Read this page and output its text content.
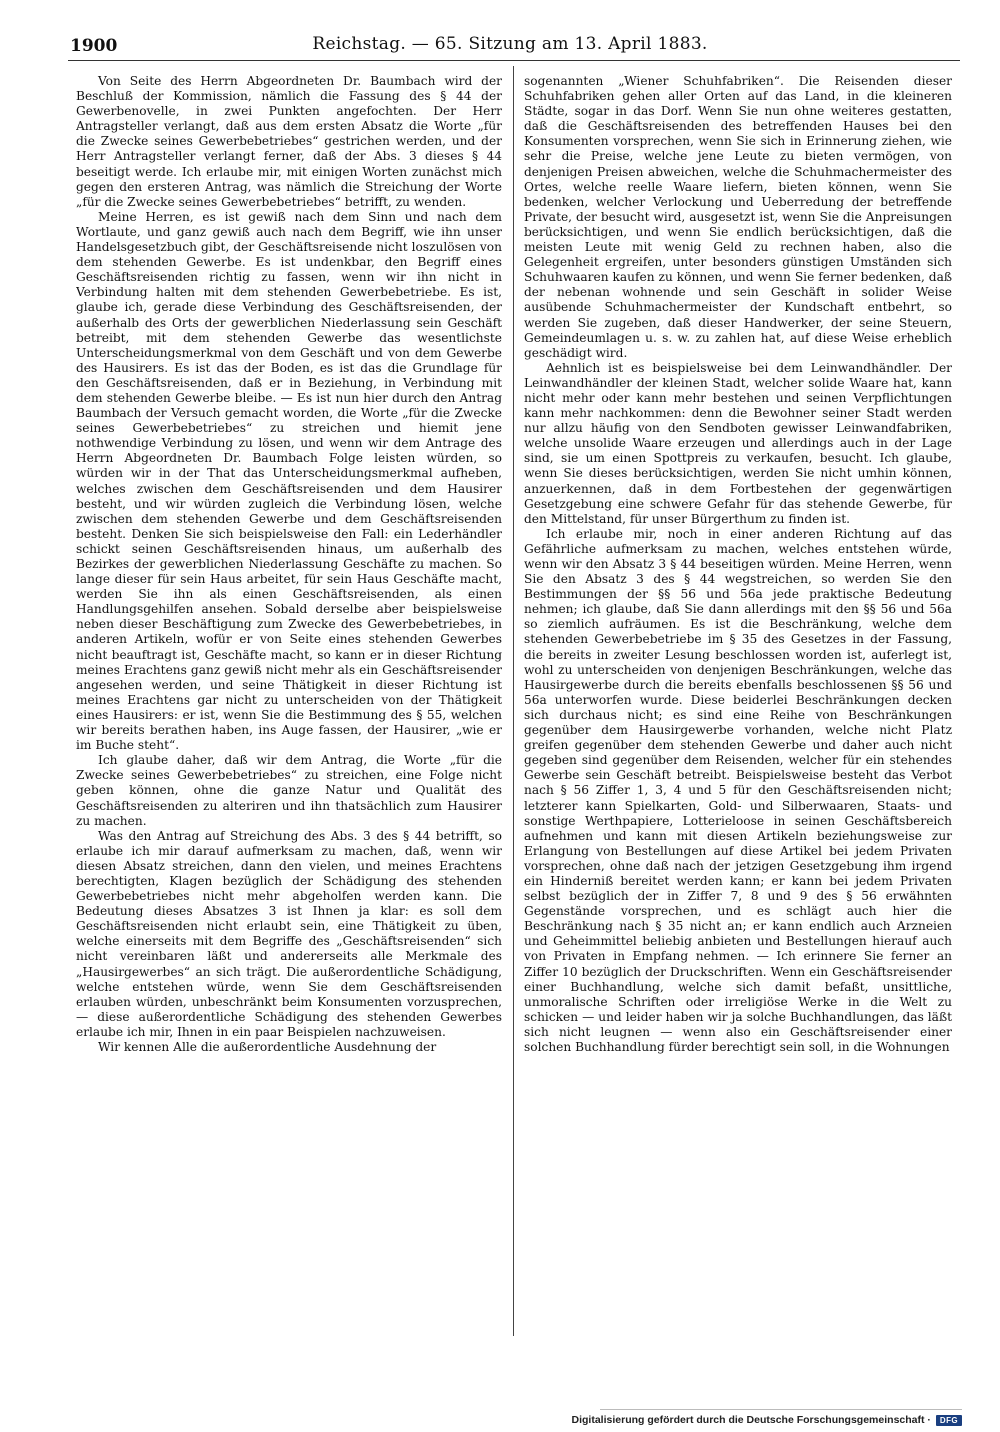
1900	Reichstag. — 65. Sitzung am 13. April 1883.

Von Seite des Herrn Abgeordneten Dr. Baumbach wird der Beschluß der Kommission, nämlich die Fassung des § 44 der Gewerbenovelle, in zwei Punkten angefochten. Der Herr Antragsteller verlangt, daß aus dem ersten Absatz die Worte „für die Zwecke seines Gewerbebetriebes“ gestrichen werden, und der Herr Antragsteller verlangt ferner, daß der Abs. 3 dieses § 44 beseitigt werde. Ich erlaube mir, mit einigen Worten zunächst mich gegen den ersteren Antrag, was nämlich die Streichung der Worte „für die Zwecke seines Gewerbebetriebes“ betrifft, zu wenden.

Meine Herren, es ist gewiß nach dem Sinn und nach dem Wortlaute, und ganz gewiß auch nach dem Begriff, wie ihn unser Handelsgesetzbuch gibt, der Geschäftsreisende nicht loszulösen von dem stehenden Gewerbe. Es ist undenkbar, den Begriff eines Geschäftsreisenden richtig zu fassen, wenn wir ihn nicht in Verbindung halten mit dem stehenden Gewerbebetriebe. Es ist, glaube ich, gerade diese Verbindung des Geschäftsreisenden, der außerhalb des Orts der gewerblichen Niederlassung sein Geschäft betreibt, mit dem stehenden Gewerbe das wesentlichste Unterscheidungsmerkmal von dem Geschäft und von dem Gewerbe des Hausirers. Es ist das der Boden, es ist das die Grundlage für den Geschäftsreisenden, daß er in Beziehung, in Verbindung mit dem stehenden Gewerbe bleibe. — Es ist nun hier durch den Antrag Baumbach der Versuch gemacht worden, die Worte „für die Zwecke seines Gewerbebetriebes“ zu streichen und hiemit jene nothwendige Verbindung zu lösen, und wenn wir dem Antrage des Herrn Abgeordneten Dr. Baumbach Folge leisten würden, so würden wir in der That das Unterscheidungsmerkmal aufheben, welches zwischen dem Geschäftsreisenden und dem Hausirer besteht, und wir würden zugleich die Verbindung lösen, welche zwischen dem stehenden Gewerbe und dem Geschäftsreisenden besteht. Denken Sie sich beispielsweise den Fall: ein Lederhändler schickt seinen Geschäftsreisenden hinaus, um außerhalb des Bezirkes der gewerblichen Niederlassung Geschäfte zu machen. So lange dieser für sein Haus arbeitet, für sein Haus Geschäfte macht, werden Sie ihn als einen Geschäftsreisenden, als einen Handlungsgehilfen ansehen. Sobald derselbe aber beispielsweise neben dieser Beschäftigung zum Zwecke des Gewerbebetriebes, in anderen Artikeln, wofür er von Seite eines stehenden Gewerbes nicht beauftragt ist, Geschäfte macht, so kann er in dieser Richtung meines Erachtens ganz gewiß nicht mehr als ein Geschäftsreisender angesehen werden, und seine Thätigkeit in dieser Richtung ist meines Erachtens gar nicht zu unterscheiden von der Thätigkeit eines Hausirers: er ist, wenn Sie die Bestimmung des § 55, welchen wir bereits berathen haben, ins Auge fassen, der Hausirer, „wie er im Buche steht“.

Ich glaube daher, daß wir dem Antrag, die Worte „für die Zwecke seines Gewerbebetriebes“ zu streichen, eine Folge nicht geben können, ohne die ganze Natur und Qualität des Geschäftsreisenden zu alteriren und ihn thatsächlich zum Hausirer zu machen.

Was den Antrag auf Streichung des Abs. 3 des § 44 betrifft, so erlaube ich mir darauf aufmerksam zu machen, daß, wenn wir diesen Absatz streichen, dann den vielen, und meines Erachtens berechtigten, Klagen bezüglich der Schädigung des stehenden Gewerbebetriebes nicht mehr abgeholfen werden kann. Die Bedeutung dieses Absatzes 3 ist Ihnen ja klar: es soll dem Geschäftsreisenden nicht erlaubt sein, eine Thätigkeit zu üben, welche einerseits mit dem Begriffe des „Geschäftsreisenden“ sich nicht vereinbaren läßt und andererseits alle Merkmale des „Hausirgewerbes“ an sich trägt. Die außerordentliche Schädigung, welche entstehen würde, wenn Sie dem Geschäftsreisenden erlauben würden, unbeschränkt beim Konsumenten vorzusprechen, — diese außerordentliche Schädigung des stehenden Gewerbes erlaube ich mir, Ihnen in ein paar Beispielen nachzuweisen.

Wir kennen Alle die außerordentliche Ausdehnung der

sogenannten „Wiener Schuhfabriken“. Die Reisenden dieser Schuhfabriken gehen aller Orten auf das Land, in die kleineren Städte, sogar in das Dorf. Wenn Sie nun ohne weiteres gestatten, daß die Geschäftsreisenden des betreffenden Hauses bei den Konsumenten vorsprechen, wenn Sie sich in Erinnerung ziehen, wie sehr die Preise, welche jene Leute zu bieten vermögen, von denjenigen Preisen abweichen, welche die Schuhmachermeister des Ortes, welche reelle Waare liefern, bieten können, wenn Sie bedenken, welcher Verlockung und Ueberredung der betreffende Private, der besucht wird, ausgesetzt ist, wenn Sie die Anpreisungen berücksichtigen, und wenn Sie endlich berücksichtigen, daß die meisten Leute mit wenig Geld zu rechnen haben, also die Gelegenheit ergreifen, unter besonders günstigen Umständen sich Schuhwaaren kaufen zu können, und wenn Sie ferner bedenken, daß der nebenan wohnende und sein Geschäft in solider Weise ausübende Schuhmachermeister der Kundschaft entbehrt, so werden Sie zugeben, daß dieser Handwerker, der seine Steuern, Gemeindeumlagen u. s. w. zu zahlen hat, auf diese Weise erheblich geschädigt wird.

Aehnlich ist es beispielsweise bei dem Leinwandhändler. Der Leinwandhändler der kleinen Stadt, welcher solide Waare hat, kann nicht mehr oder kann mehr bestehen und seinen Verpflichtungen kann mehr nachkommen: denn die Bewohner seiner Stadt werden nur allzu häufig von den Sendboten gewisser Leinwandfabriken, welche unsolide Waare erzeugen und allerdings auch in der Lage sind, sie um einen Spottpreis zu verkaufen, besucht. Ich glaube, wenn Sie dieses berücksichtigen, werden Sie nicht umhin können, anzuerkennen, daß in dem Fortbestehen der gegenwärtigen Gesetzgebung eine schwere Gefahr für das stehende Gewerbe, für den Mittelstand, für unser Bürgerthum zu finden ist.

Ich erlaube mir, noch in einer anderen Richtung auf das Gefährliche aufmerksam zu machen, welches entstehen würde, wenn wir den Absatz 3 § 44 beseitigen würden. Meine Herren, wenn Sie den Absatz 3 des § 44 wegstreichen, so werden Sie den Bestimmungen der §§ 56 und 56a jede praktische Bedeutung nehmen; ich glaube, daß Sie dann allerdings mit den §§ 56 und 56a so ziemlich aufräumen. Es ist die Beschränkung, welche dem stehenden Gewerbebetriebe im § 35 des Gesetzes in der Fassung, die bereits in zweiter Lesung beschlossen worden ist, auferlegt ist, wohl zu unterscheiden von denjenigen Beschränkungen, welche das Hausirgewerbe durch die bereits ebenfalls beschlossenen §§ 56 und 56a unterworfen wurde. Diese beiderlei Beschränkungen decken sich durchaus nicht; es sind eine Reihe von Beschränkungen gegenüber dem Hausirgewerbe vorhanden, welche nicht Platz greifen gegenüber dem stehenden Gewerbe und daher auch nicht gegeben sind gegenüber dem Reisenden, welcher für ein stehendes Gewerbe sein Geschäft betreibt. Beispielsweise besteht das Verbot nach § 56 Ziffer 1, 3, 4 und 5 für den Geschäftsreisenden nicht; letzterer kann Spielkarten, Gold- und Silberwaaren, Staats- und sonstige Werthpapiere, Lotterieloose in seinen Geschäftsbereich aufnehmen und kann mit diesen Artikeln beziehungsweise zur Erlangung von Bestellungen auf diese Artikel bei jedem Privaten vorsprechen, ohne daß nach der jetzigen Gesetzgebung ihm irgend ein Hinderniß bereitet werden kann; er kann bei jedem Privaten selbst bezüglich der in Ziffer 7, 8 und 9 des § 56 erwähnten Gegenstände vorsprechen, und es schlägt auch hier die Beschränkung nach § 35 nicht an; er kann endlich auch Arzneien und Geheimmittel beliebig anbieten und Bestellungen hierauf auch von Privaten in Empfang nehmen. — Ich erinnere Sie ferner an Ziffer 10 bezüglich der Druckschriften. Wenn ein Geschäftsreisender einer Buchhandlung, welche sich damit befaßt, unsittliche, unmoralische Schriften oder irreligiöse Werke in die Welt zu schicken — und leider haben wir ja solche Buchhandlungen, das läßt sich nicht leugnen — wenn also ein Geschäftsreisender einer solchen Buchhandlung fürder berechtigt sein soll, in die Wohnungen

Digitalisierung gefördert durch die Deutsche Forschungsgemeinschaft ·	DFG
